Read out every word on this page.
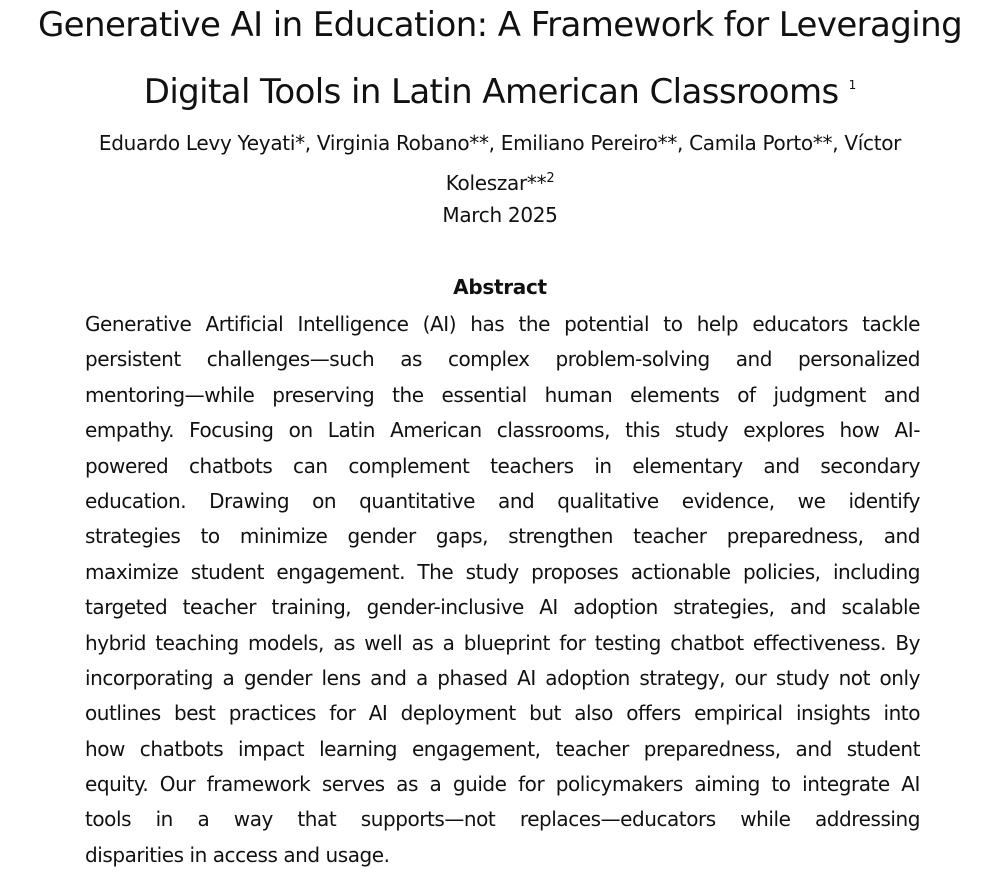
Generative AI in Education: A Framework for Leveraging
Digital Tools in Latin American Classrooms $^1$
Eduardo Levy Yeyati*, Virginia Robano**, Emiliano Pereiro**, Camila Porto**, Víctor
Koleszar**$^2$
March 2025
Abstract
Generative Artificial Intelligence (AI) has the potential to help educators tackle
persistent challenges—such as complex problem-solving and personalized
mentoring—while preserving the essential human elements of judgment and
empathy. Focusing on Latin American classrooms, this study explores how AI-
powered chatbots can complement teachers in elementary and secondary
education. Drawing on quantitative and qualitative evidence, we identify
strategies to minimize gender gaps, strengthen teacher preparedness, and
maximize student engagement. The study proposes actionable policies, including
targeted teacher training, gender-inclusive AI adoption strategies, and scalable
hybrid teaching models, as well as a blueprint for testing chatbot effectiveness. By
incorporating a gender lens and a phased AI adoption strategy, our study not only
outlines best practices for AI deployment but also offers empirical insights into
how chatbots impact learning engagement, teacher preparedness, and student
equity. Our framework serves as a guide for policymakers aiming to integrate AI
tools in a way that supports—not replaces—educators while addressing
disparities in access and usage.
